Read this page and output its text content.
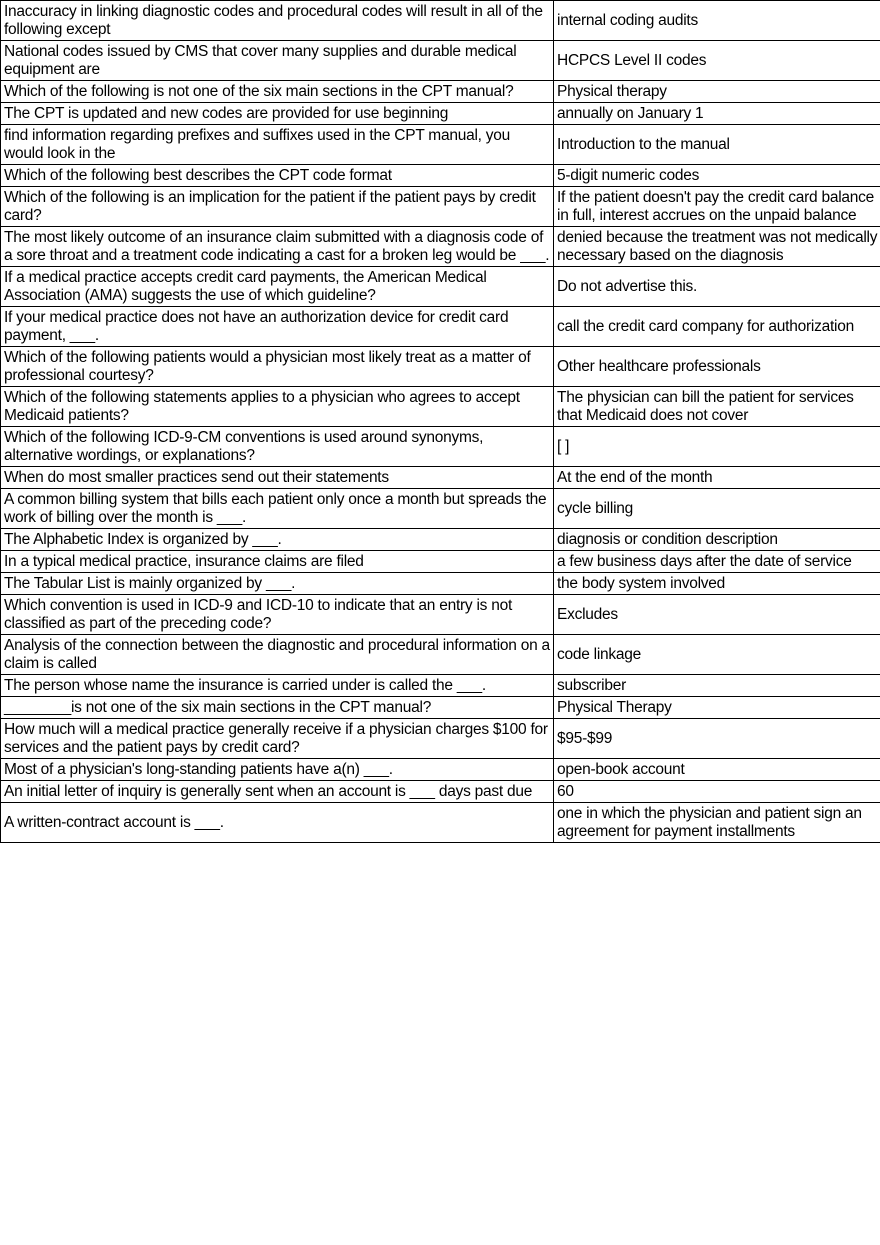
Inaccuracy in linking diagnostic codes and procedural codes will result in all of the following except	internal coding audits
National codes issued by CMS that cover many supplies and durable medical equipment are	HCPCS Level II codes
Which of the following is not one of the six main sections in the CPT manual?	Physical therapy
The CPT is updated and new codes are provided for use beginning	annually on January 1
find information regarding prefixes and suffixes used in the CPT manual, you would look in the	Introduction to the manual
Which of the following best describes the CPT code format	5-digit numeric codes
Which of the following is an implication for the patient if the patient pays by credit card?	If the patient doesn't pay the credit card balance in full, interest accrues on the unpaid balance
The most likely outcome of an insurance claim submitted with a diagnosis code of a sore throat and a treatment code indicating a cast for a broken leg would be ___.	denied because the treatment was not medically necessary based on the diagnosis
If a medical practice accepts credit card payments, the American Medical Association (AMA) suggests the use of which guideline?	Do not advertise this.
If your medical practice does not have an authorization device for credit card payment, ___.	call the credit card company for authorization
Which of the following patients would a physician most likely treat as a matter of professional courtesy?	Other healthcare professionals
Which of the following statements applies to a physician who agrees to accept Medicaid patients?	The physician can bill the patient for services that Medicaid does not cover
Which of the following ICD-9-CM conventions is used around synonyms, alternative wordings, or explanations?	[ ]
When do most smaller practices send out their statements	At the end of the month
A common billing system that bills each patient only once a month but spreads the work of billing over the month is ___.	cycle billing
The Alphabetic Index is organized by ___.	diagnosis or condition description
In a typical medical practice, insurance claims are filed	a few business days after the date of service
The Tabular List is mainly organized by ___.	the body system involved
Which convention is used in ICD-9 and ICD-10 to indicate that an entry is not classified as part of the preceding code?	Excludes
Analysis of the connection between the diagnostic and procedural information on a claim is called	code linkage
The person whose name the insurance is carried under is called the ___.	subscriber
________is not one of the six main sections in the CPT manual?	Physical Therapy
How much will a medical practice generally receive if a physician charges $100 for services and the patient pays by credit card?	$95-$99
Most of a physician's long-standing patients have a(n) ___.	open-book account
An initial letter of inquiry is generally sent when an account is ___ days past due	60
A written-contract account is ___.	one in which the physician and patient sign an agreement for payment installments
